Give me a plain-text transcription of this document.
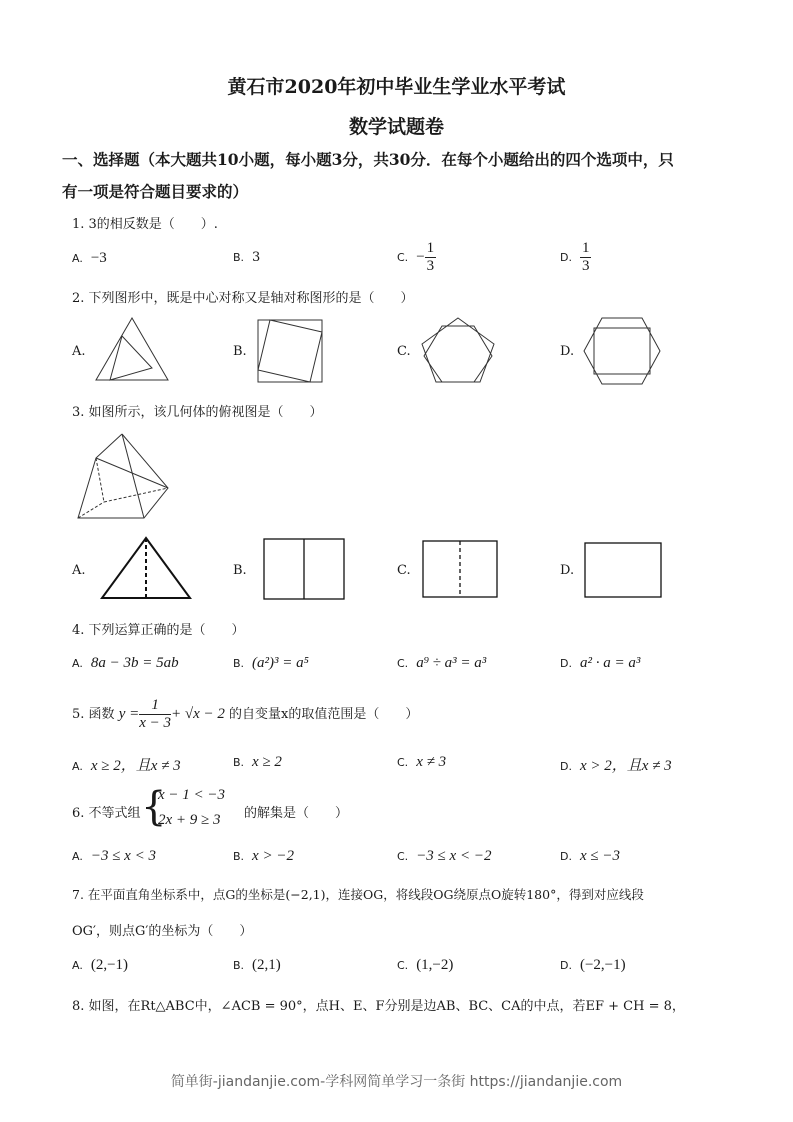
黄石市2020年初中毕业生学业水平考试
数学试题卷
一、选择题（本大题共10小题，每小题3分，共30分．在每个小题给出的四个选项中，只
有一项是符合题目要求的）
1. 3的相反数是（　　）.
A. −3	B. 3	C. − $\frac{1}{3}$	D. $\frac{1}{3}$
2. 下列图形中，既是中心对称又是轴对称图形的是（　　）
A.	B.	C.	D.
3. 如图所示，该几何体的俯视图是（　　）
A.	B.	C.	D.
4. 下列运算正确的是（　　）
A. 8a − 3b = 5ab	B. (a²)³ = a⁵	C. a⁹ ÷ a³ = a³	D. a² · a = a³
5. 函数 $y = \frac{1}{x - 3} + √x - 2$ 的自变量x的取值范围是（　　）
A. x ≥ 2，且x ≠ 3	B. x ≥ 2	C. x ≠ 3	D. x > 2，且x ≠ 3
6. 不等式组 {
x − 1 < −3
2x + 9 ≥ 3 的解集是（　　）
A. −3 ≤ x < 3	B. x > −2	C. −3 ≤ x < −2	D. x ≤ −3
7. 在平面直角坐标系中，点G的坐标是(−2,1)，连接OG，将线段OG绕原点O旋转180°，得到对应线段
OG′，则点G′的坐标为（　　）
A. (2,−1)	B. (2,1)	C. (1,−2)	D. (−2,−1)
8. 如图，在Rt△ABC中，∠ACB = 90°，点H、E、F分别是边AB、BC、CA的中点，若EF + CH = 8，
简单街-jiandanjie.com-学科网简单学习一条街 https://jiandanjie.com
